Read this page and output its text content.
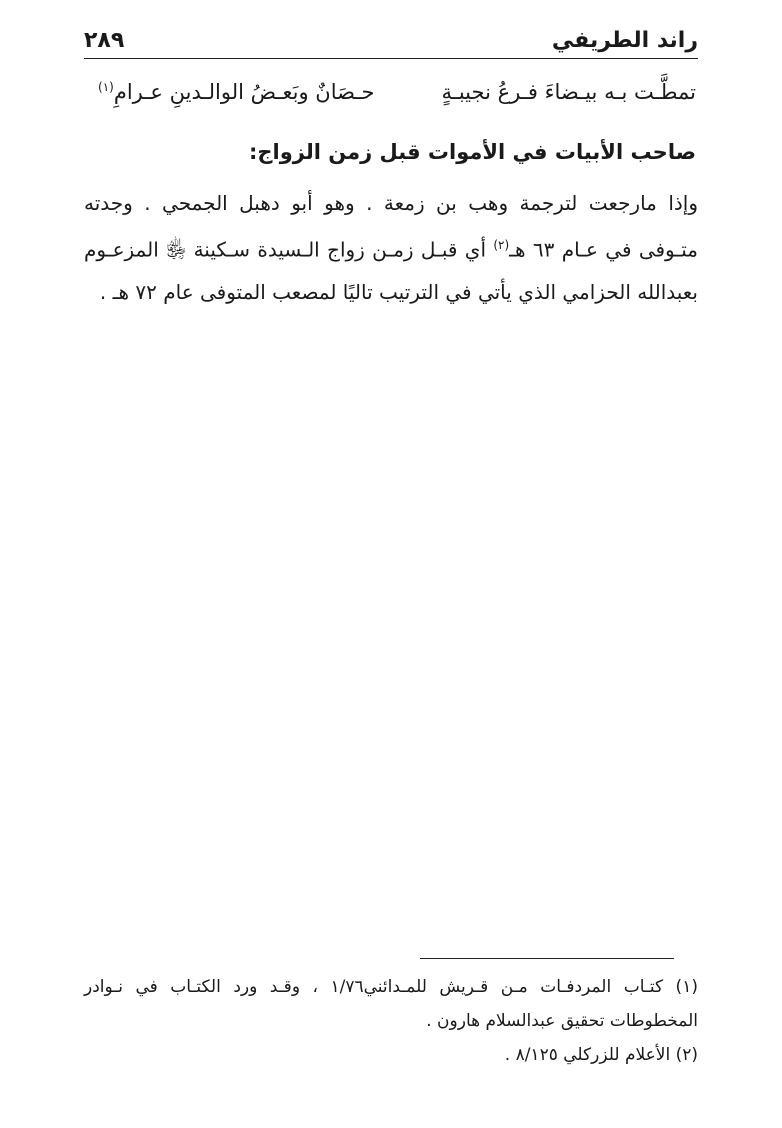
راند الطريفي
٢٨٩
تمطَّـت بـه بيـضاءَ فـرعُ نجيبـةٍ
حـصَانٌ وبَعـضُ الوالـدينِ عـرامِ$^{(١)}$
صاحب الأبيات في الأموات قبل زمن الزواج:
وإذا مارجعت لترجمة وهب بن زمعة . وهو أبو دهبل الجمحي . وجدته
متـوفى في عـام ٦٣ هـ$^{(٢)}$ أي قبـل زمـن زواج الـسيدة سـكينة ﵂ المزعـوم
بعبدالله الحزامي الذي يأتي في الترتيب تاليًا لمصعب المتوفى عام ٧٢ هـ .
(١) كتـاب المردفـات مـن قـريش للمـدائني١/٧٦ ، وقـد ورد الكتـاب في نـوادر
المخطوطات تحقيق عبدالسلام هارون .
(٢) الأعلام للزركلي ٨/١٢٥ .
